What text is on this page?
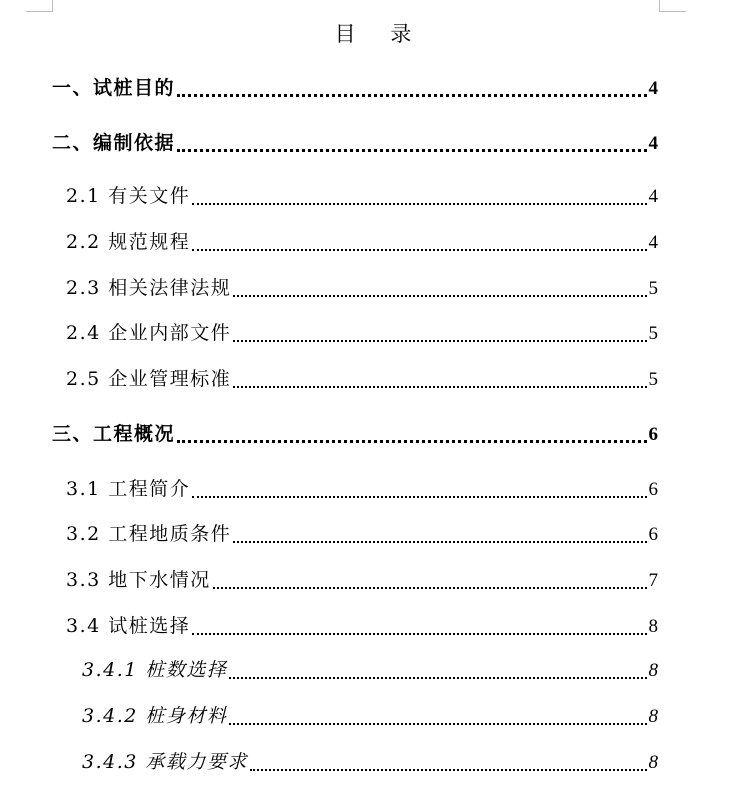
目 录
一、试桩目的	4
二、编制依据	4
2.1 有关文件	4
2.2 规范规程	4
2.3 相关法律法规	5
2.4 企业内部文件	5
2.5 企业管理标准	5
三、工程概况	6
3.1 工程简介	6
3.2 工程地质条件	6
3.3 地下水情况	7
3.4 试桩选择	8
3.4.1 桩数选择	8
3.4.2 桩身材料	8
3.4.3 承载力要求	8
